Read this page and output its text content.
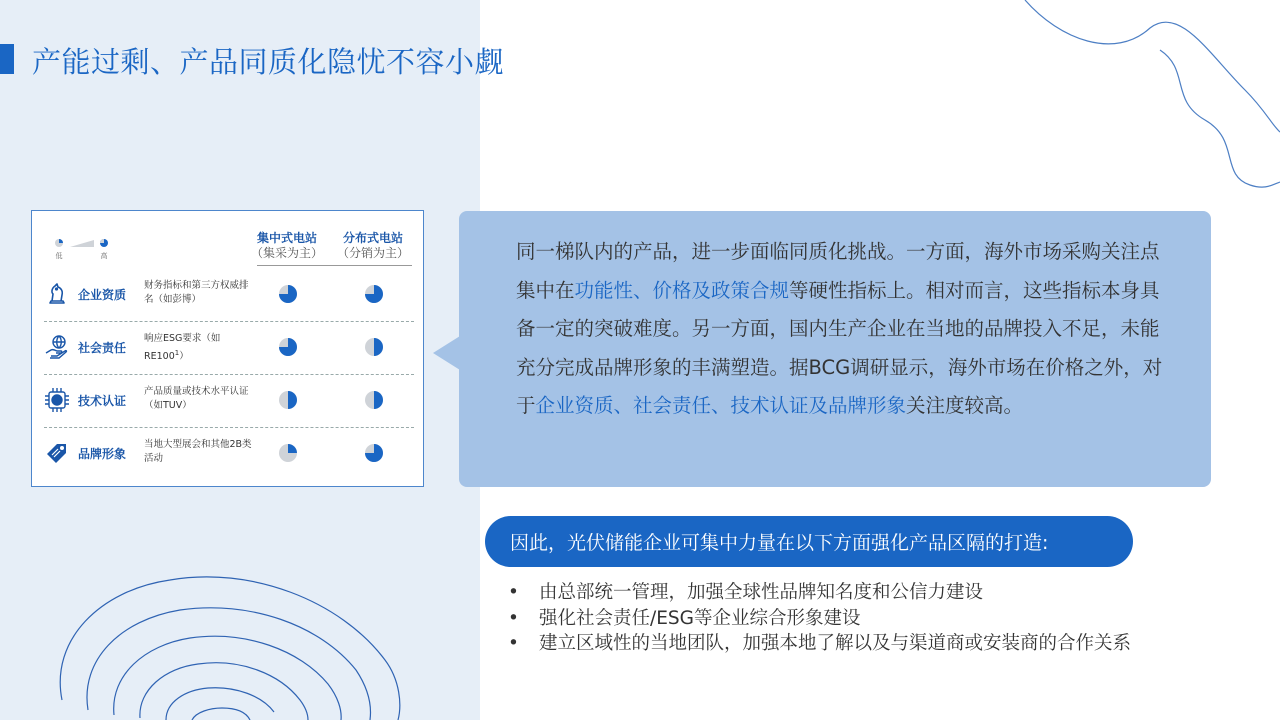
产能过剩、产品同质化隐忧不容小觑
低	高
集中式电站
（集采为主）
分布式电站
（分销为主）
企业资质
财务指标和第三方权威排名（如彭博）
社会责任
响应ESG要求（如$RE100^1$）
技术认证
产品质量或技术水平认证（如TUV）
品牌形象
当地大型展会和其他2B类活动

同一梯队内的产品，进一步面临同质化挑战。一方面，海外市场采购关注点集中在功能性、价格及政策合规等硬性指标上。相对而言，这些指标本身具备一定的突破难度。另一方面，国内生产企业在当地的品牌投入不足，未能充分完成品牌形象的丰满塑造。据BCG调研显示，海外市场在价格之外，对于企业资质、社会责任、技术认证及品牌形象关注度较高。

因此，光伏储能企业可集中力量在以下方面强化产品区隔的打造:
• 由总部统一管理，加强全球性品牌知名度和公信力建设
• 强化社会责任/ESG等企业综合形象建设
• 建立区域性的当地团队，加强本地了解以及与渠道商或安装商的合作关系
